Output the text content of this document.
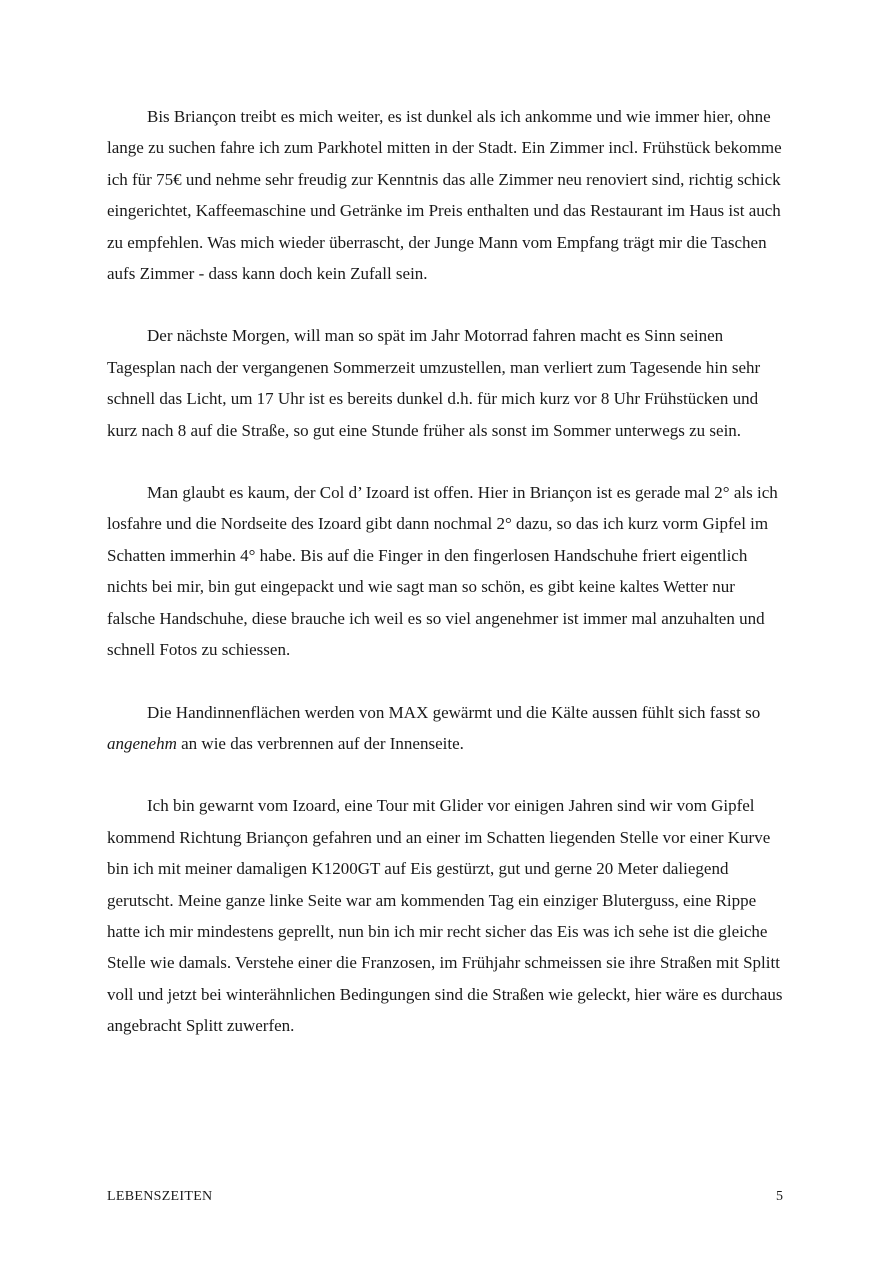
Bis Briançon treibt es mich weiter, es ist dunkel als ich ankomme und wie immer hier, ohne lange zu suchen fahre ich zum Parkhotel mitten in der Stadt. Ein Zimmer incl. Frühstück bekomme ich für 75€ und nehme sehr freudig zur Kenntnis das alle Zimmer neu renoviert sind, richtig schick eingerichtet, Kaffeemaschine und Getränke im Preis enthalten und das Restaurant im Haus ist auch zu empfehlen. Was mich wieder überrascht, der Junge Mann vom Empfang trägt mir die Taschen aufs Zimmer - dass kann doch kein Zufall sein.

Der nächste Morgen, will man so spät im Jahr Motorrad fahren macht es Sinn seinen Tagesplan nach der vergangenen Sommerzeit umzustellen, man verliert zum Tagesende hin sehr schnell das Licht, um 17 Uhr ist es bereits dunkel d.h. für mich kurz vor 8 Uhr Frühstücken und kurz nach 8 auf die Straße, so gut eine Stunde früher als sonst im Sommer unterwegs zu sein.

Man glaubt es kaum, der Col d’ Izoard ist offen. Hier in Briançon ist es gerade mal 2° als ich losfahre und die Nordseite des Izoard gibt dann nochmal 2° dazu, so das ich kurz vorm Gipfel im Schatten immerhin 4° habe. Bis auf die Finger in den fingerlosen Handschuhe friert eigentlich nichts bei mir, bin gut eingepackt und wie sagt man so schön, es gibt keine kaltes Wetter nur falsche Handschuhe, diese brauche ich weil es so viel angenehmer ist immer mal anzuhalten und schnell Fotos zu schiessen.

Die Handinnenflächen werden von MAX gewärmt und die Kälte aussen fühlt sich fasst so angenehm an wie das verbrennen auf der Innenseite.

Ich bin gewarnt vom Izoard, eine Tour mit Glider vor einigen Jahren sind wir vom Gipfel kommend Richtung Briançon gefahren und an einer im Schatten liegenden Stelle vor einer Kurve bin ich mit meiner damaligen K1200GT auf Eis gestürzt, gut und gerne 20 Meter daliegend gerutscht. Meine ganze linke Seite war am kommenden Tag ein einziger Bluterguss, eine Rippe hatte ich mir mindestens geprellt, nun bin ich mir recht sicher das Eis was ich sehe ist die gleiche Stelle wie damals. Verstehe einer die Franzosen, im Frühjahr schmeissen sie ihre Straßen mit Splitt voll und jetzt bei winterähnlichen Bedingungen sind die Straßen wie geleckt, hier wäre es durchaus angebracht Splitt zuwerfen.

LEBENSZEITEN	5
